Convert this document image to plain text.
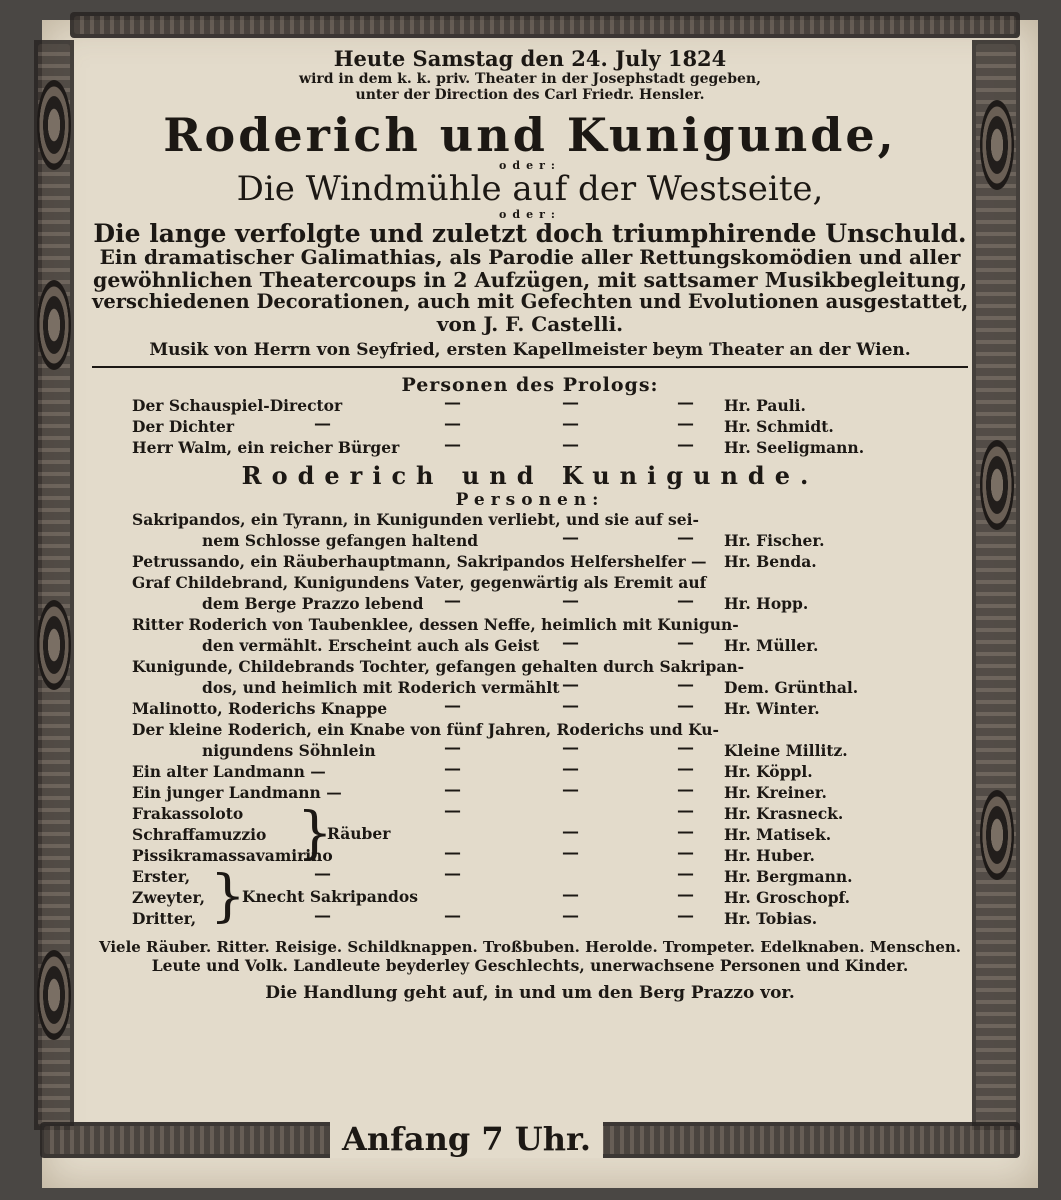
Heute Samstag den 24. July 1824
wird in dem k. k. priv. Theater in der Josephstadt gegeben,
unter der Direction des Carl Friedr. Hensler.
Roderich und Kunigunde,
oder:
Die Windmühle auf der Westseite,
oder:
Die lange verfolgte und zuletzt doch triumphirende Unschuld.
Ein dramatischer Galimathias, als Parodie aller Rettungskomödien und aller
gewöhnlichen Theatercoups in 2 Aufzügen, mit sattsamer Musikbegleitung,
verschiedenen Decorationen, auch mit Gefechten und Evolutionen ausgestattet,
von J. F. Castelli.
Musik von Herrn von Seyfried, ersten Kapellmeister beym Theater an der Wien.
Personen des Prologs:
Der Schauspiel-Director	—	—	— Hr. Pauli.
Der Dichter	—	—	—	— Hr. Schmidt.
Herr Walm, ein reicher Bürger	—	—	— Hr. Seeligmann.
Roderich und Kunigunde.
Personen:
Sakripandos, ein Tyrann, in Kunigunden verliebt, und sie auf sei-
nem Schlosse gefangen haltend	—	— Hr. Fischer.
Petrussando, ein Räuberhauptmann, Sakripandos Helfershelfer — Hr. Benda.
Graf Childebrand, Kunigundens Vater, gegenwärtig als Eremit auf
dem Berge Prazzo lebend —	—	— Hr. Hopp.
Ritter Roderich von Taubenklee, dessen Neffe, heimlich mit Kunigun-
den vermählt. Erscheint auch als Geist —	— Hr. Müller.
Kunigunde, Childebrands Tochter, gefangen gehalten durch Sakripan-
dos, und heimlich mit Roderich vermählt —	— Dem. Grünthal.
Malinotto, Roderichs Knappe	—	—	— Hr. Winter.
Der kleine Roderich, ein Knabe von fünf Jahren, Roderichs und Ku-
nigundens Söhnlein	—	—	— Kleine Millitz.
Ein alter Landmann —	—	—	— Hr. Köppl.
Ein junger Landmann —	—	—	— Hr. Kreiner.
}
Räuber
Frakassoloto	—	— Hr. Krasneck.
Schraffamuzzio	—	— Hr. Matisek.
Pissikramassavamirino	—	—	— Hr. Huber.
}
Knecht Sakripandos
Erster,	—	—	— Hr. Bergmann.
Zweyter,	—	— Hr. Groschopf.
Dritter,	—	—	—	— Hr. Tobias.
Viele Räuber. Ritter. Reisige. Schildknappen. Troßbuben. Herolde. Trompeter. Edelknaben. Menschen.
Leute und Volk. Landleute beyderley Geschlechts, unerwachsene Personen und Kinder.
Die Handlung geht auf, in und um den Berg Prazzo vor.
Anfang 7 Uhr.
